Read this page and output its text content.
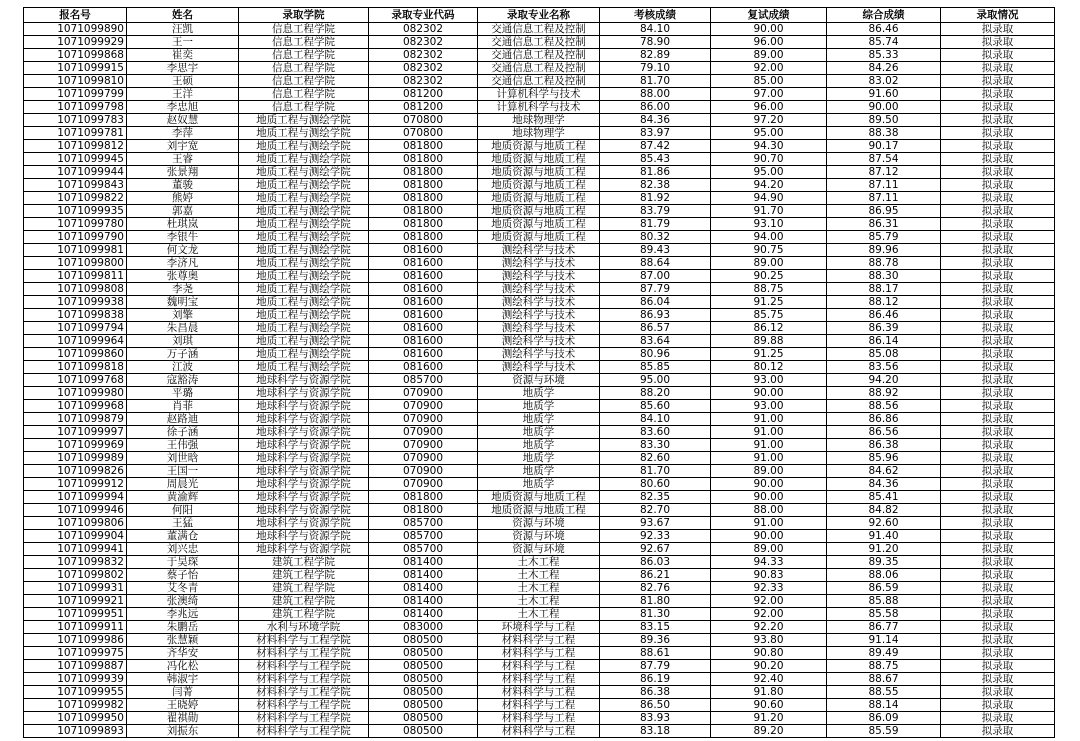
报名号	姓名	录取学院	录取专业代码	录取专业名称	考核成绩	复试成绩	综合成绩	录取情况
1071099890	汪凯	信息工程学院	082302	交通信息工程及控制	84.10	90.00	86.46	拟录取
1071099929	王一	信息工程学院	082302	交通信息工程及控制	78.90	96.00	85.74	拟录取
1071099868	崔奕	信息工程学院	082302	交通信息工程及控制	82.89	89.00	85.33	拟录取
1071099915	李思宇	信息工程学院	082302	交通信息工程及控制	79.10	92.00	84.26	拟录取
1071099810	王硕	信息工程学院	082302	交通信息工程及控制	81.70	85.00	83.02	拟录取
1071099799	王洋	信息工程学院	081200	计算机科学与技术	88.00	97.00	91.60	拟录取
1071099798	李忠旭	信息工程学院	081200	计算机科学与技术	86.00	96.00	90.00	拟录取
1071099783	赵奴慧	地质工程与测绘学院	070800	地球物理学	84.36	97.20	89.50	拟录取
1071099781	李萍	地质工程与测绘学院	070800	地球物理学	83.97	95.00	88.38	拟录取
1071099812	刘宇宽	地质工程与测绘学院	081800	地质资源与地质工程	87.42	94.30	90.17	拟录取
1071099945	王睿	地质工程与测绘学院	081800	地质资源与地质工程	85.43	90.70	87.54	拟录取
1071099944	张景翔	地质工程与测绘学院	081800	地质资源与地质工程	81.86	95.00	87.12	拟录取
1071099843	董骏	地质工程与测绘学院	081800	地质资源与地质工程	82.38	94.20	87.11	拟录取
1071099822	熊婷	地质工程与测绘学院	081800	地质资源与地质工程	81.92	94.90	87.11	拟录取
1071099935	郭嘉	地质工程与测绘学院	081800	地质资源与地质工程	83.79	91.70	86.95	拟录取
1071099780	杜琪岚	地质工程与测绘学院	081800	地质资源与地质工程	81.79	93.10	86.31	拟录取
1071099790	李银牛	地质工程与测绘学院	081800	地质资源与地质工程	80.32	94.00	85.79	拟录取
1071099981	何文龙	地质工程与测绘学院	081600	测绘科学与技术	89.43	90.75	89.96	拟录取
1071099800	李济凡	地质工程与测绘学院	081600	测绘科学与技术	88.64	89.00	88.78	拟录取
1071099811	张尊奥	地质工程与测绘学院	081600	测绘科学与技术	87.00	90.25	88.30	拟录取
1071099808	李尧	地质工程与测绘学院	081600	测绘科学与技术	87.79	88.75	88.17	拟录取
1071099938	魏明宝	地质工程与测绘学院	081600	测绘科学与技术	86.04	91.25	88.12	拟录取
1071099838	刘擎	地质工程与测绘学院	081600	测绘科学与技术	86.93	85.75	86.46	拟录取
1071099794	朱昌晨	地质工程与测绘学院	081600	测绘科学与技术	86.57	86.12	86.39	拟录取
1071099964	刘琪	地质工程与测绘学院	081600	测绘科学与技术	83.64	89.88	86.14	拟录取
1071099860	万子涵	地质工程与测绘学院	081600	测绘科学与技术	80.96	91.25	85.08	拟录取
1071099818	江波	地质工程与测绘学院	081600	测绘科学与技术	85.85	80.12	83.56	拟录取
1071099768	寇豁涛	地球科学与资源学院	085700	资源与环境	95.00	93.00	94.20	拟录取
1071099980	平璐	地球科学与资源学院	070900	地质学	88.20	90.00	88.92	拟录取
1071099968	肖菲	地球科学与资源学院	070900	地质学	85.60	93.00	88.56	拟录取
1071099879	赵路迪	地球科学与资源学院	070900	地质学	84.10	91.00	86.86	拟录取
1071099997	徐子涵	地球科学与资源学院	070900	地质学	83.60	91.00	86.56	拟录取
1071099969	王伟强	地球科学与资源学院	070900	地质学	83.30	91.00	86.38	拟录取
1071099989	刘世晗	地球科学与资源学院	070900	地质学	82.60	91.00	85.96	拟录取
1071099826	王国一	地球科学与资源学院	070900	地质学	81.70	89.00	84.62	拟录取
1071099912	周晨光	地球科学与资源学院	070900	地质学	80.60	90.00	84.36	拟录取
1071099994	黄渝辉	地球科学与资源学院	081800	地质资源与地质工程	82.35	90.00	85.41	拟录取
1071099946	何阳	地球科学与资源学院	081800	地质资源与地质工程	82.70	88.00	84.82	拟录取
1071099806	王猛	地球科学与资源学院	085700	资源与环境	93.67	91.00	92.60	拟录取
1071099904	董满仓	地球科学与资源学院	085700	资源与环境	92.33	90.00	91.40	拟录取
1071099941	刘兴忠	地球科学与资源学院	085700	资源与环境	92.67	89.00	91.20	拟录取
1071099832	于昊琛	建筑工程学院	081400	土木工程	86.03	94.33	89.35	拟录取
1071099802	蔡子怡	建筑工程学院	081400	土木工程	86.21	90.83	88.06	拟录取
1071099931	艾冬青	建筑工程学院	081400	土木工程	82.76	92.33	86.59	拟录取
1071099921	张澳绮	建筑工程学院	081400	土木工程	81.80	92.00	85.88	拟录取
1071099951	李兆远	建筑工程学院	081400	土木工程	81.30	92.00	85.58	拟录取
1071099911	朱鹏岳	水利与环境学院	083000	环境科学与工程	83.15	92.20	86.77	拟录取
1071099986	张慧颖	材料科学与工程学院	080500	材料科学与工程	89.36	93.80	91.14	拟录取
1071099975	齐华安	材料科学与工程学院	080500	材料科学与工程	88.61	90.80	89.49	拟录取
1071099887	冯化松	材料科学与工程学院	080500	材料科学与工程	87.79	90.20	88.75	拟录取
1071099939	韩淑宇	材料科学与工程学院	080500	材料科学与工程	86.19	92.40	88.67	拟录取
1071099955	闫菁	材料科学与工程学院	080500	材料科学与工程	86.38	91.80	88.55	拟录取
1071099982	王晓婷	材料科学与工程学院	080500	材料科学与工程	86.50	90.60	88.14	拟录取
1071099950	翟祺勋	材料科学与工程学院	080500	材料科学与工程	83.93	91.20	86.09	拟录取
1071099893	刘振东	材料科学与工程学院	080500	材料科学与工程	83.18	89.20	85.59	拟录取
